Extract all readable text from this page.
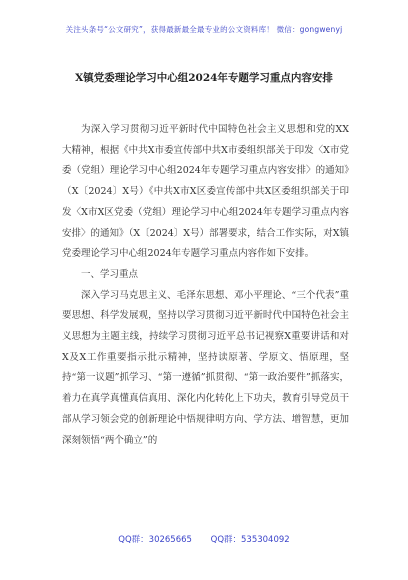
关注头条号“公文研究”，获得最新最全最专业的公文资料库！ 微信：gongwenyj
X镇党委理论学习中心组2024年专题学习重点内容安排

为深入学习贯彻习近平新时代中国特色社会主义思想和党的XX大精神，根据《中共X市委宣传部中共X市委组织部关于印发〈X市党委（党组）理论学习中心组2024年专题学习重点内容安排〉的通知》（X〔2024〕X号）《中共X市X区委宣传部中共X区委组织部关于印发〈X市X区党委（党组）理论学习中心组2024年专题学习重点内容安排〉的通知》（X〔2024〕X号）部署要求，结合工作实际，对X镇党委理论学习中心组2024年专题学习重点内容作如下安排。

一、学习重点

深入学习马克思主义、毛泽东思想、邓小平理论、“三个代表”重要思想、科学发展观，坚持以学习贯彻习近平新时代中国特色社会主义思想为主题主线，持续学习贯彻习近平总书记视察X重要讲话和对X及X工作重要指示批示精神，坚持读原著、学原文、悟原理，坚持“第一议题”抓学习、“第一遵循”抓贯彻、“第一政治要件”抓落实，着力在真学真懂真信真用、深化内化转化上下功夫，教育引导党员干部从学习领会党的创新理论中悟规律明方向、学方法、增智慧，更加深刻领悟“两个确立”的

QQ群：30265665 QQ群：535304092
